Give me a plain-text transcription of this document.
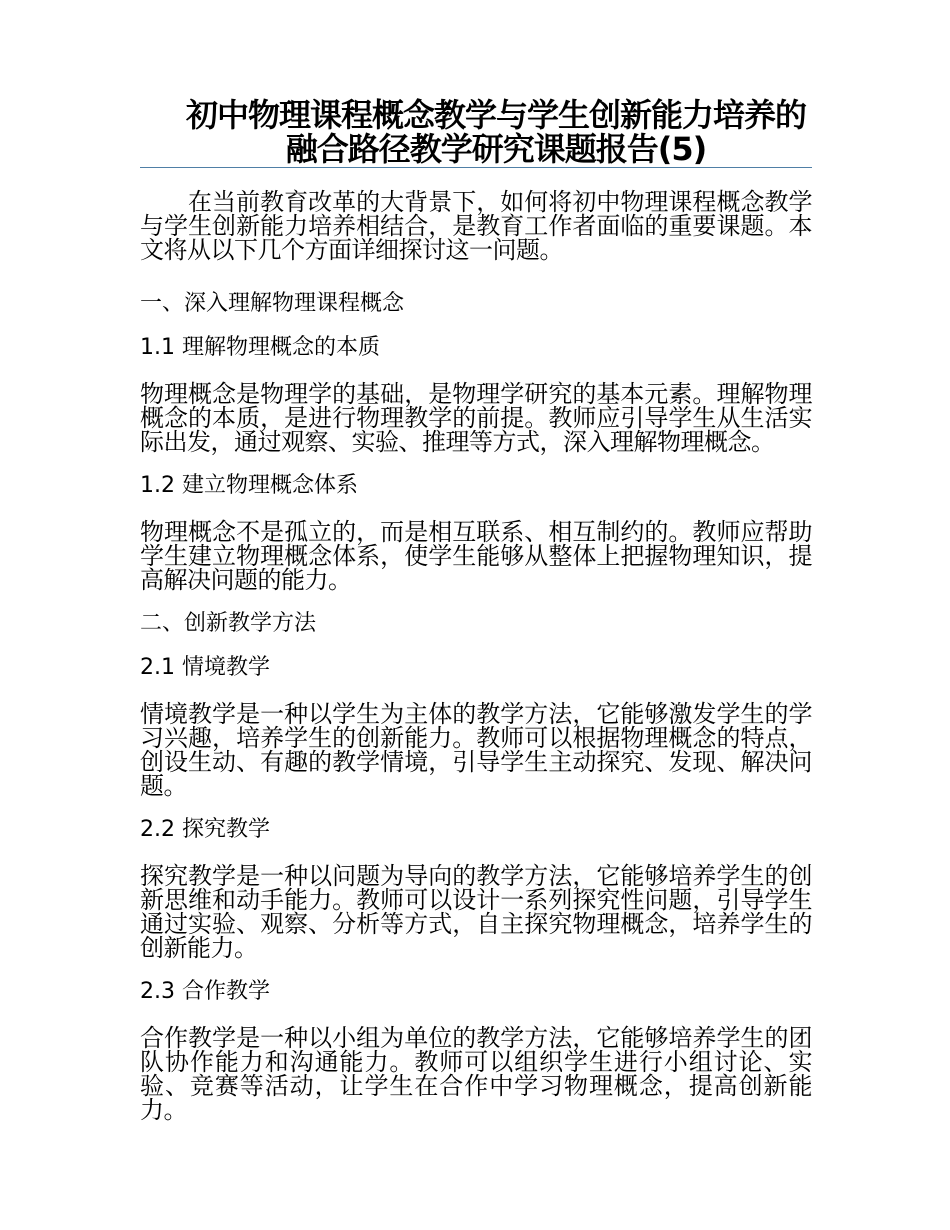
初中物理课程概念教学与学生创新能力培养的融合路径教学研究课题报告(5)

在当前教育改革的大背景下，如何将初中物理课程概念教学与学生创新能力培养相结合，是教育工作者面临的重要课题。本文将从以下几个方面详细探讨这一问题。

一、深入理解物理课程概念

1.1 理解物理概念的本质

物理概念是物理学的基础，是物理学研究的基本元素。理解物理概念的本质，是进行物理教学的前提。教师应引导学生从生活实际出发，通过观察、实验、推理等方式，深入理解物理概念。

1.2 建立物理概念体系

物理概念不是孤立的，而是相互联系、相互制约的。教师应帮助学生建立物理概念体系，使学生能够从整体上把握物理知识，提高解决问题的能力。

二、创新教学方法

2.1 情境教学

情境教学是一种以学生为主体的教学方法，它能够激发学生的学习兴趣，培养学生的创新能力。教师可以根据物理概念的特点，创设生动、有趣的教学情境，引导学生主动探究、发现、解决问题。

2.2 探究教学

探究教学是一种以问题为导向的教学方法，它能够培养学生的创新思维和动手能力。教师可以设计一系列探究性问题，引导学生通过实验、观察、分析等方式，自主探究物理概念，培养学生的创新能力。

2.3 合作教学

合作教学是一种以小组为单位的教学方法，它能够培养学生的团队协作能力和沟通能力。教师可以组织学生进行小组讨论、实验、竞赛等活动，让学生在合作中学习物理概念，提高创新能力。
